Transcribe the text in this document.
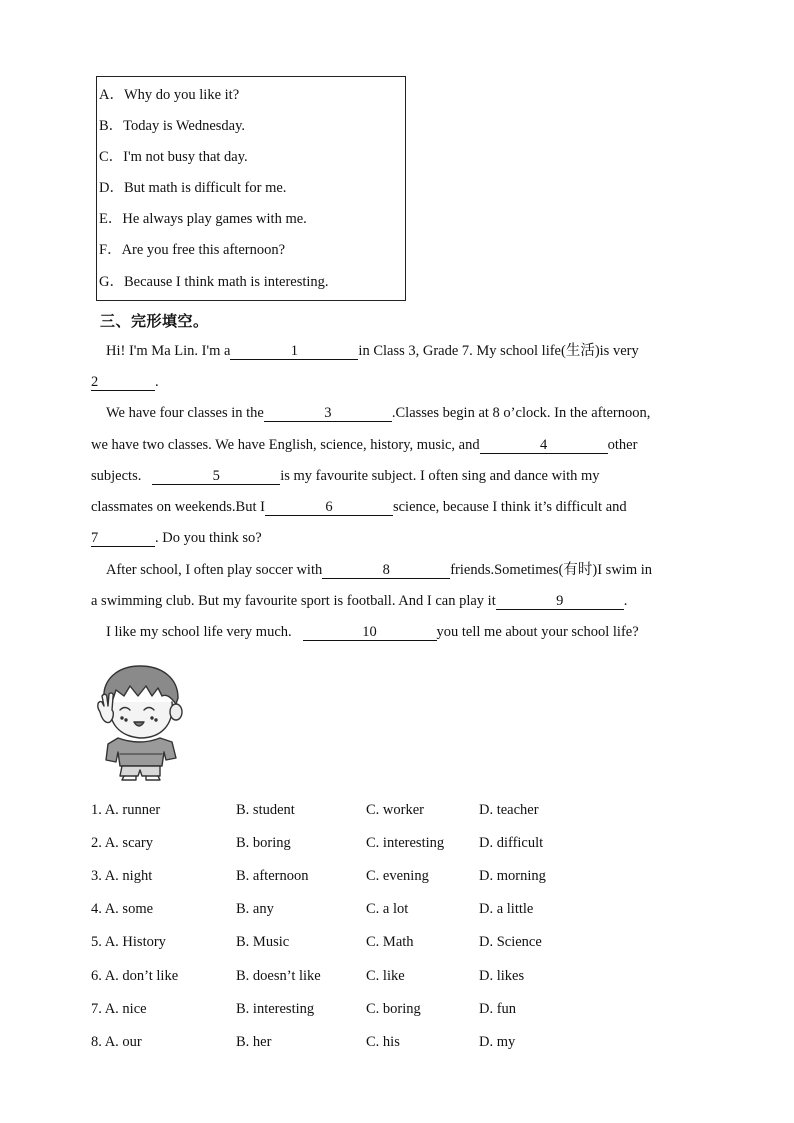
A．Why do you like it?
B．Today is Wednesday.
C．I'm not busy that day.
D．But math is difficult for me.
E．He always play games with me.
F．Are you free this afternoon?
G．Because I think math is interesting.
三、完形填空。
Hi! I'm Ma Lin. I'm a	1	in Class 3, Grade 7. My school life(生活)is very
2	.
We have four classes in the	3	.Classes begin at 8 o’clock. In the afternoon,
we have two classes. We have English, science, history, music, and	4	other
subjects.	5	is my favourite subject. I often sing and dance with my
classmates on weekends.But I	6	science, because I think it’s difficult and
7	. Do you think so?
After school, I often play soccer with	8	friends.Sometimes(有时)I swim in
a swimming club. But my favourite sport is football. And I can play it	9	.
I like my school life very much.	10	you tell me about your school life?
1. A. runner	B. student	C. worker	D. teacher
2. A. scary	B. boring	C. interesting D. difficult
3. A. night	B. afternoon	C. evening	D. morning
4. A. some	B. any	C. a lot	D. a little
5. A. History	B. Music	C. Math	D. Science
6. A. don’t like	B. doesn’t like	C. like	D. likes
7. A. nice	B. interesting	C. boring	D. fun
8. A. our	B. her	C. his	D. my
